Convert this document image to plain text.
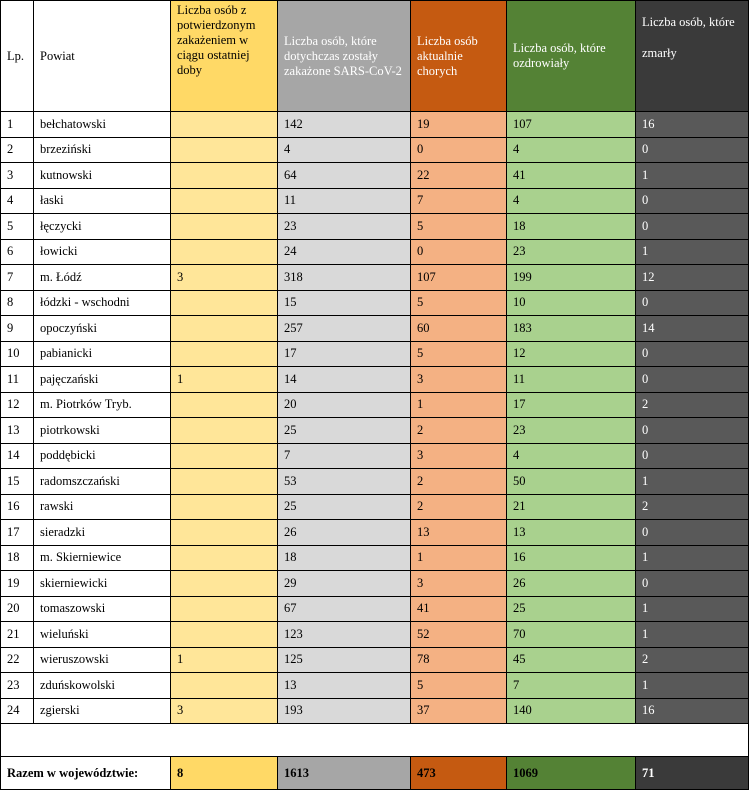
Lp.	Powiat	Liczba osób z potwierdzonym zakażeniem w ciągu ostatniej doby	Liczba osób, które dotychczas zostały zakażone SARS-CoV-2	Liczba osób aktualnie chorych	Liczba osób, które ozdrowiały	Liczba osób, które
zmarły

1	bełchatowski		142	19	107	16
2	brzeziński		4	0	4	0
3	kutnowski		64	22	41	1
4	łaski		11	7	4	0
5	łęczycki		23	5	18	0
6	łowicki		24	0	23	1
7	m. Łódź	3	318	107	199	12
8	łódzki - wschodni		15	5	10	0
9	opoczyński		257	60	183	14
10	pabianicki		17	5	12	0
11	pajęczański	1	14	3	11	0
12	m. Piotrków Tryb.		20	1	17	2
13	piotrkowski		25	2	23	0
14	poddębicki		7	3	4	0
15	radomszczański		53	2	50	1
16	rawski		25	2	21	2
17	sieradzki		26	13	13	0
18	m. Skierniewice		18	1	16	1
19	skierniewicki		29	3	26	0
20	tomaszowski		67	41	25	1
21	wieluński		123	52	70	1
22	wieruszowski	1	125	78	45	2
23	zduńskowolski		13	5	7	1
24	zgierski	3	193	37	140	16

Razem w województwie:		8	1613	473	1069	71
